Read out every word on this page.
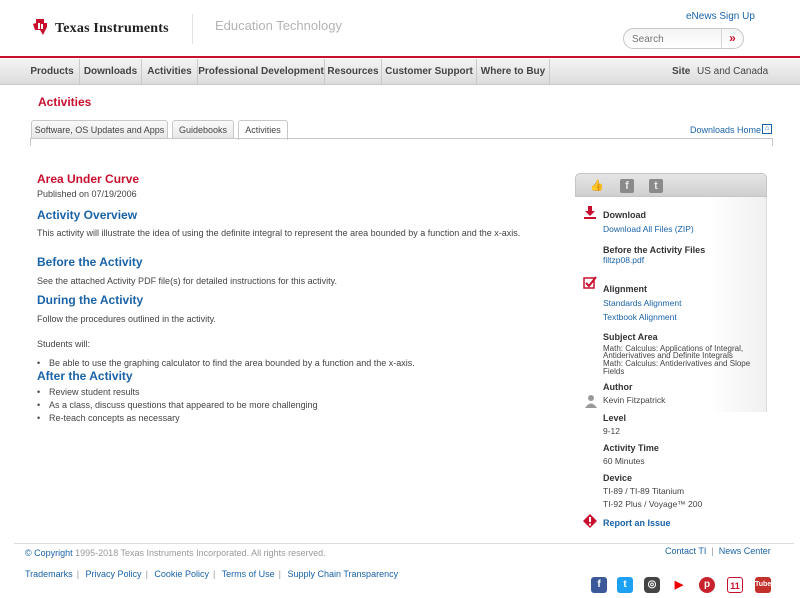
Texas Instruments	Education Technology
eNews Sign Up
Search
»
Products	Downloads	Activities Professional Development Resources Customer Support Where to Buy	Site US and Canada
Activities
Software, OS Updates and Apps	Guidebooks	Activities	Downloads Home ⌂
Area Under Curve
Published on 07/19/2006
Activity Overview
This activity will illustrate the idea of using the definite integral to represent the area bounded by a function and the x-axis.
Before the Activity
See the attached Activity PDF file(s) for detailed instructions for this activity.
During the Activity
Follow the procedures outlined in the activity.
Students will:
Be able to use the graphing calculator to find the area bounded by a function and the x-axis.
After the Activity
Review student results
As a class, discuss questions that appeared to be more challenging
Re-teach concepts as necessary
👍	f	t
Download
Download All Files (ZIP)
Before the Activity Files
filtzp08.pdf
Alignment
Standards Alignment
Textbook Alignment
Subject Area
Math: Calculus: Applications of Integral,
Antiderivatives and Definite Integrals
Math: Calculus: Antiderivatives and Slope
Fields
Author
Kevin Fitzpatrick
Level
9-12
Activity Time
60 Minutes
Device
TI-89 / TI-89 Titanium
TI-92 Plus / Voyage™ 200
Report an Issue
© Copyright 1995-2018 Texas Instruments Incorporated. All rights reserved.	Contact TI | News Center
Trademarks | Privacy Policy | Cookie Policy | Terms of Use | Supply Chain Transparency
f	t	◎	▶	p	11	Tube
